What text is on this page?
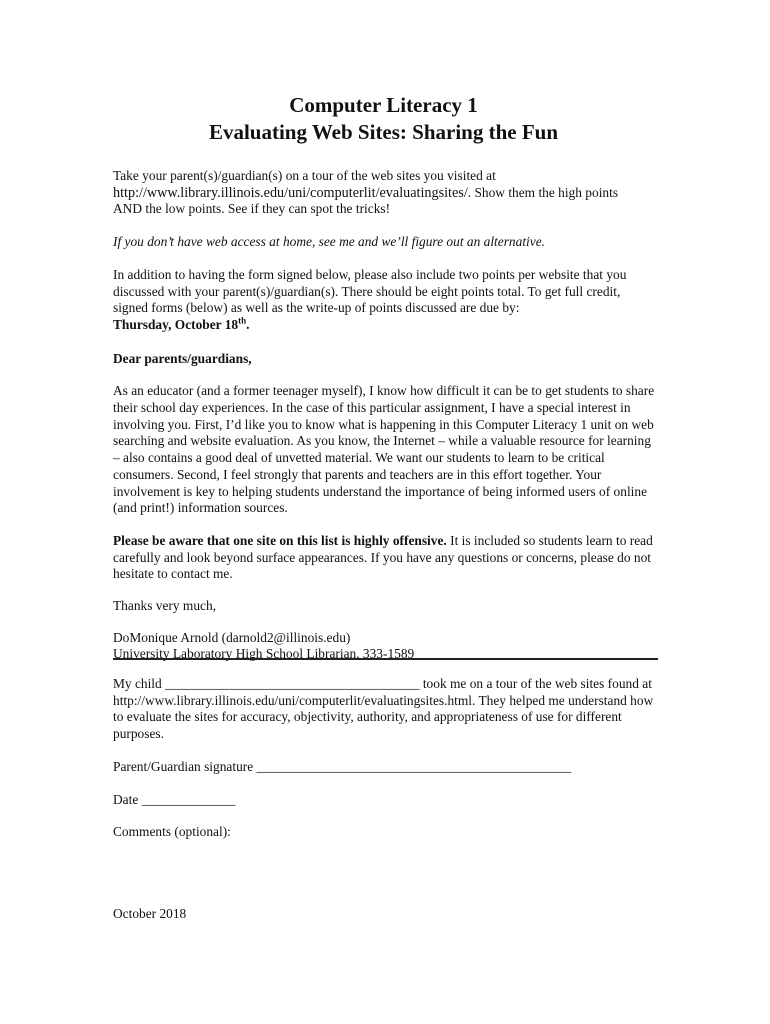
Computer Literacy 1
Evaluating Web Sites: Sharing the Fun

Take your parent(s)/guardian(s) on a tour of the web sites you visited at
http://www.library.illinois.edu/uni/computerlit/evaluatingsites/. Show them the high points
AND the low points. See if they can spot the tricks!

If you don’t have web access at home, see me and we’ll figure out an alternative.

In addition to having the form signed below, please also include two points per website that you discussed with your parent(s)/guardian(s). There should be eight points total. To get full credit, signed forms (below) as well as the write-up of points discussed are due by:
Thursday, October 18th.

Dear parents/guardians,

As an educator (and a former teenager myself), I know how difficult it can be to get students to share their school day experiences. In the case of this particular assignment, I have a special interest in involving you. First, I’d like you to know what is happening in this Computer Literacy 1 unit on web searching and website evaluation. As you know, the Internet – while a valuable resource for learning – also contains a good deal of unvetted material. We want our students to learn to be critical consumers. Second, I feel strongly that parents and teachers are in this effort together. Your involvement is key to helping students understand the importance of being informed users of online (and print!) information sources.

Please be aware that one site on this list is highly offensive. It is included so students learn to read carefully and look beyond surface appearances. If you have any questions or concerns, please do not hesitate to contact me.

Thanks very much,

DoMonique Arnold (darnold2@illinois.edu)
University Laboratory High School Librarian, 333-1589

My child ______________________________________ took me on a tour of the web sites found at http://www.library.illinois.edu/uni/computerlit/evaluatingsites.html. They helped me understand how to evaluate the sites for accuracy, objectivity, authority, and appropriateness of use for different purposes.

Parent/Guardian signature _______________________________________________

Date ______________

Comments (optional):

October 2018
